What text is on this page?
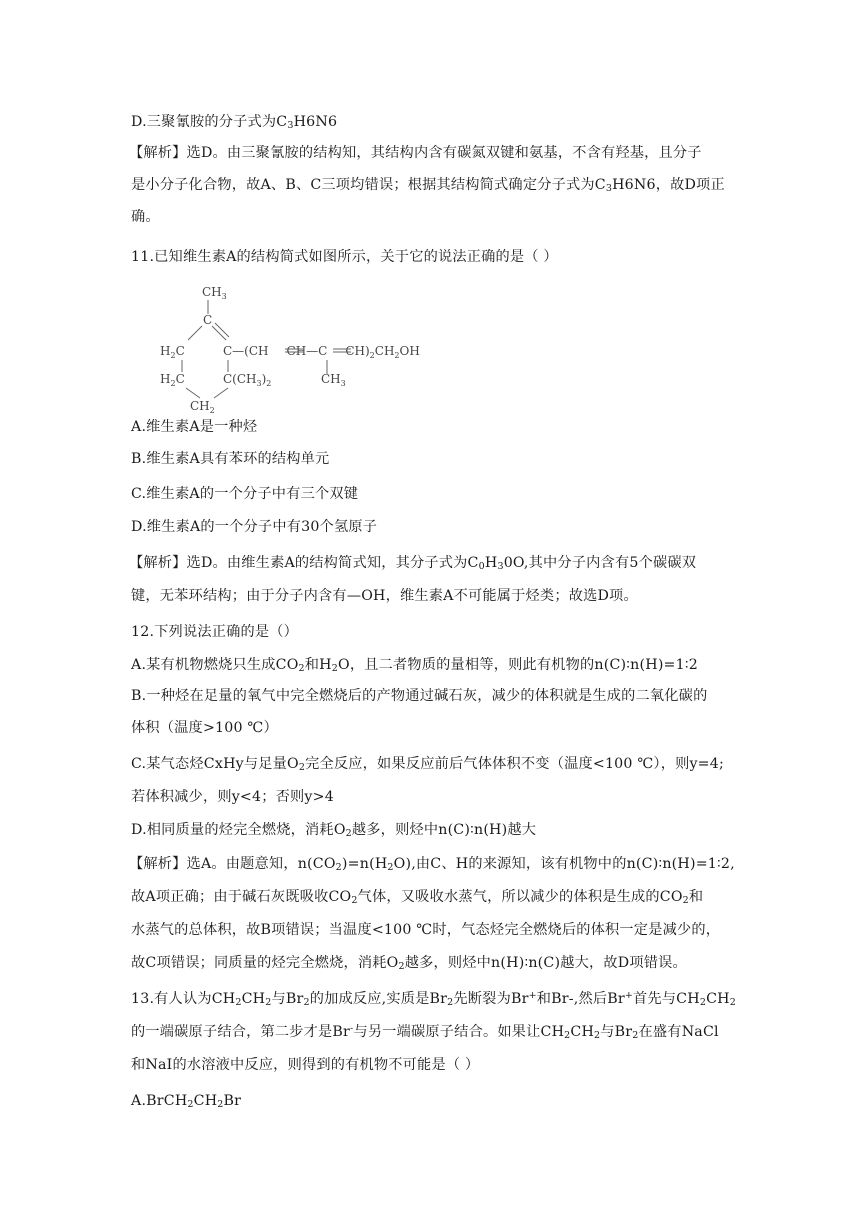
D.三聚氰胺的分子式为$C_3H6N6$
【解析】选D。由三聚氰胺的结构知，其结构内含有碳氮双键和氨基，不含有羟基，且分子
是小分子化合物，故A、B、C三项均错误；根据其结构简式确定分子式为$C_3H6N6$，故D项正
确。
11.已知维生素A的结构简式如图所示，关于它的说法正确的是（ ）
$CH_3$
C
$H_2C$	C—(CH CH—C $CH)_2CH_2OH$
$H_2C$	$C(CH_3)_2$	$CH_3$
$CH_2$
A.维生素A是一种烃
B.维生素A具有苯环的结构单元
C.维生素A的一个分子中有三个双键
D.维生素A的一个分子中有30个氢原子
【解析】选D。由维生素A的结构简式知，其分子式为$C_0H_30O$,其中分子内含有5个碳碳双
键，无苯环结构；由于分子内含有—OH，维生素A不可能属于烃类；故选D项。
12.下列说法正确的是（）
A.某有机物燃烧只生成$CO_2$和$H_2O$，且二者物质的量相等，则此有机物的n(C)∶n(H)=1∶2
B.一种烃在足量的氧气中完全燃烧后的产物通过碱石灰，减少的体积就是生成的二氧化碳的
体积（温度>100 ℃）
C.某气态烃CxHy与足量$O_2$完全反应，如果反应前后气体体积不变（温度<100 ℃），则y=4;
若体积减少，则y<4；否则y>4
D.相同质量的烃完全燃烧，消耗$O_2$越多，则烃中n(C)∶n(H)越大
【解析】选A。由题意知，$n(CO_2)=n(H_2O)$,由C、H的来源知，该有机物中的n(C)∶n(H)=1∶2,
故A项正确；由于碱石灰既吸收$CO_2$气体，又吸收水蒸气，所以减少的体积是生成的$CO_2$和
水蒸气的总体积，故B项错误；当温度<100 ℃时，气态烃完全燃烧后的体积一定是减少的，
故C项错误；同质量的烃完全燃烧，消耗$O_2$越多，则烃中n(H)∶n(C)越大，故D项错误。
13.有人认为$CH_2CH_2$与$Br_2$的加成反应,实质是$Br_2$先断裂为Br+和Br-,然后Br+首先与$CH_2CH_2$
的一端碳原子结合，第二步才是Br-与另一端碳原子结合。如果让$CH_2CH_2$与$Br_2$在盛有NaCl
和NaI的水溶液中反应，则得到的有机物不可能是（ ）
$A.BrCH_2CH_2Br$
